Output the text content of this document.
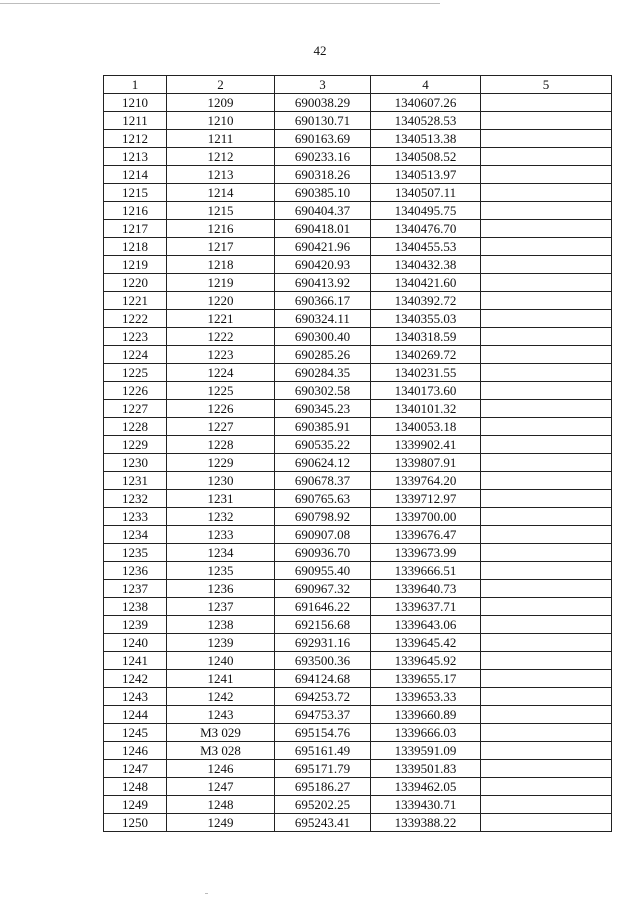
42
1	2	3	4	5
1210	1209	690038.29	1340607.26	
1211	1210	690130.71	1340528.53	
1212	1211	690163.69	1340513.38	
1213	1212	690233.16	1340508.52	
1214	1213	690318.26	1340513.97	
1215	1214	690385.10	1340507.11	
1216	1215	690404.37	1340495.75	
1217	1216	690418.01	1340476.70	
1218	1217	690421.96	1340455.53	
1219	1218	690420.93	1340432.38	
1220	1219	690413.92	1340421.60	
1221	1220	690366.17	1340392.72	
1222	1221	690324.11	1340355.03	
1223	1222	690300.40	1340318.59	
1224	1223	690285.26	1340269.72	
1225	1224	690284.35	1340231.55	
1226	1225	690302.58	1340173.60	
1227	1226	690345.23	1340101.32	
1228	1227	690385.91	1340053.18	
1229	1228	690535.22	1339902.41	
1230	1229	690624.12	1339807.91	
1231	1230	690678.37	1339764.20	
1232	1231	690765.63	1339712.97	
1233	1232	690798.92	1339700.00	
1234	1233	690907.08	1339676.47	
1235	1234	690936.70	1339673.99	
1236	1235	690955.40	1339666.51	
1237	1236	690967.32	1339640.73	
1238	1237	691646.22	1339637.71	
1239	1238	692156.68	1339643.06	
1240	1239	692931.16	1339645.42	
1241	1240	693500.36	1339645.92	
1242	1241	694124.68	1339655.17	
1243	1242	694253.72	1339653.33	
1244	1243	694753.37	1339660.89	
1245	МЗ 029	695154.76	1339666.03	
1246	МЗ 028	695161.49	1339591.09	
1247	1246	695171.79	1339501.83	
1248	1247	695186.27	1339462.05	
1249	1248	695202.25	1339430.71	
1250	1249	695243.41	1339388.22	
